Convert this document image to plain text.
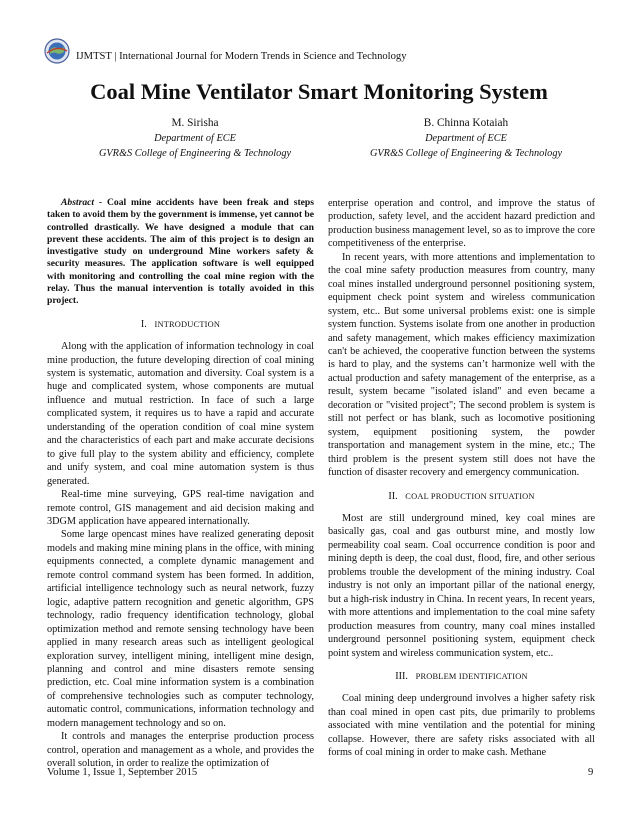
IJMTST | International Journal for Modern Trends in Science and Technology
Coal Mine Ventilator Smart Monitoring System
M. Sirisha
Department of ECE
GVR&S College of Engineering & Technology
B. Chinna Kotaiah
Department of ECE
GVR&S College of Engineering & Technology

Abstract - Coal mine accidents have been freak and steps taken to avoid them by the government is immense, yet cannot be controlled drastically. We have designed a module that can prevent these accidents. The aim of this project is to design an investigative study on underground Mine workers safety & security measures. The application software is well equipped with monitoring and controlling the coal mine region with the relay. Thus the manual intervention is totally avoided in this project.

I. INTRODUCTION

Along with the application of information technology in coal mine production, the future developing direction of coal mining system is systematic, automation and diversity. Coal system is a huge and complicated system, whose components are mutual influence and mutual restriction. In face of such a large complicated system, it requires us to have a rapid and accurate understanding of the operation condition of coal mine system and the characteristics of each part and make accurate decisions to give full play to the system ability and efficiency, complete and unify system, and coal mine automation system is thus generated.

Real-time mine surveying, GPS real-time navigation and remote control, GIS management and aid decision making and 3DGM application have appeared internationally.

Some large opencast mines have realized generating deposit models and making mine mining plans in the office, with mining equipments connected, a complete dynamic management and remote control command system has been formed. In addition, artificial intelligence technology such as neural network, fuzzy logic, adaptive pattern recognition and genetic algorithm, GPS technology, radio frequency identification technology, global optimization method and remote sensing technology have been applied in many research areas such as intelligent geological exploration survey, intelligent mining, intelligent mine design, planning and control and mine disasters remote sensing prediction, etc. Coal mine information system is a combination of comprehensive technologies such as computer technology, automatic control, communications, information technology and modern management technology and so on.

It controls and manages the enterprise production process control, operation and management as a whole, and provides the overall solution, in order to realize the optimization of

enterprise operation and control, and improve the status of production, safety level, and the accident hazard prediction and production business management level, so as to improve the core competitiveness of the enterprise.

In recent years, with more attentions and implementation to the coal mine safety production measures from country, many coal mines installed underground personnel positioning system, equipment check point system and wireless communication system, etc.. But some universal problems exist: one is simple system function. Systems isolate from one another in production and safety management, which makes efficiency maximization can't be achieved, the cooperative function between the systems is hard to play, and the systems can’t harmonize well with the actual production and safety management of the enterprise, as a result, system became "isolated island" and even became a decoration or "visited project"; The second problem is system is still not perfect or has blank, such as locomotive positioning system, equipment positioning system, the powder transportation and management system in the mine, etc.; The third problem is the present system still does not have the function of disaster recovery and emergency communication.

II. COAL PRODUCTION SITUATION

Most are still underground mined, key coal mines are basically gas, coal and gas outburst mine, and mostly low permeability coal seam. Coal occurrence condition is poor and mining depth is deep, the coal dust, flood, fire, and other serious problems trouble the development of the mining industry. Coal industry is not only an important pillar of the national energy, but a high-risk industry in China. In recent years, In recent years, with more attentions and implementation to the coal mine safety production measures from country, many coal mines installed underground personnel positioning system, equipment check point system and wireless communication system, etc..

III. PROBLEM IDENTIFICATION

Coal mining deep underground involves a higher safety risk than coal mined in open cast pits, due primarily to problems associated with mine ventilation and the potential for mining collapse. However, there are safety risks associated with all forms of coal mining in order to make cash. Methane

Volume 1, Issue 1, September 2015	9
